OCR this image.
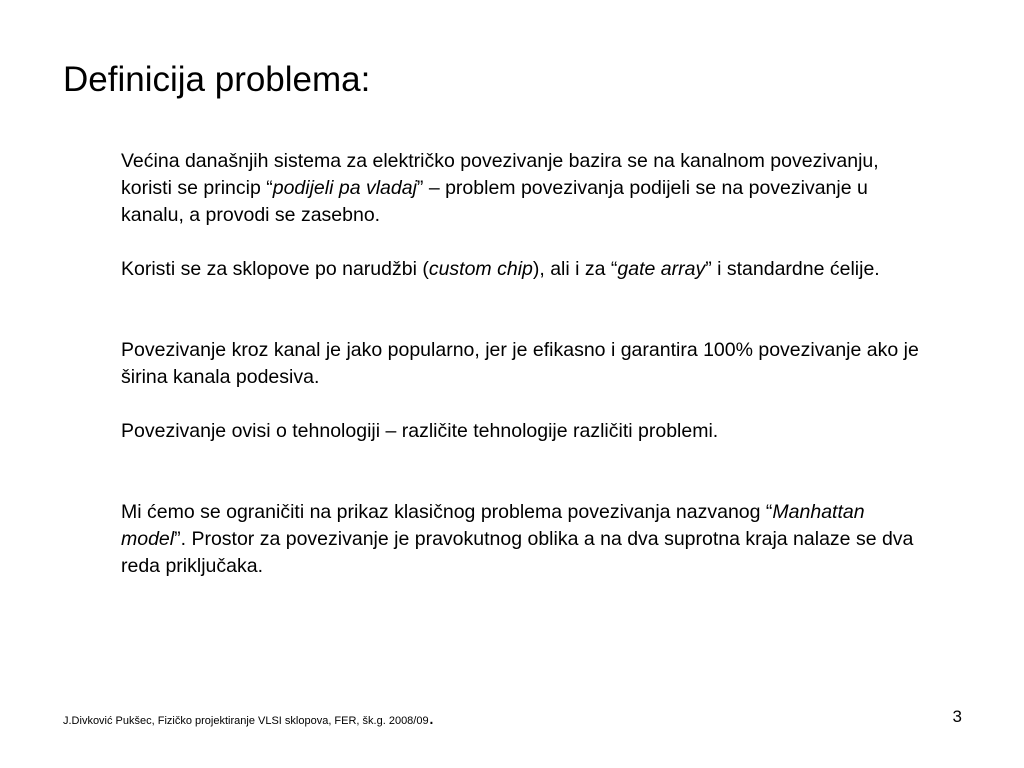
Definicija problema:

Većina današnjih sistema za električko povezivanje bazira se na kanalnom povezivanju, koristi se princip “podijeli pa vladaj” – problem povezivanja podijeli se na povezivanje u kanalu, a provodi se zasebno.

Koristi se za sklopove po narudžbi (custom chip), ali i za “gate array” i standardne ćelije.

Povezivanje kroz kanal je jako popularno, jer je efikasno i garantira 100% povezivanje ako je širina kanala podesiva.

Povezivanje ovisi o tehnologiji – različite tehnologije različiti problemi.

Mi ćemo se ograničiti na prikaz klasičnog problema povezivanja nazvanog “Manhattan model”. Prostor za povezivanje je pravokutnog oblika a na dva suprotna kraja nalaze se dva reda priključaka.

J.Divković Pukšec, Fizičko projektiranje VLSI sklopova, FER, šk.g. 2008/09.	3
